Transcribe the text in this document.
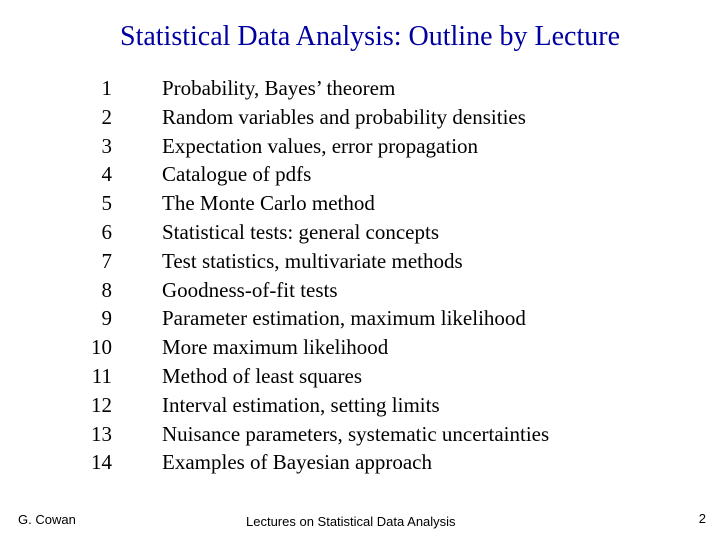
Statistical Data Analysis: Outline by Lecture
1 Probability, Bayes’ theorem
2 Random variables and probability densities
3 Expectation values, error propagation
4 Catalogue of pdfs
5 The Monte Carlo method
6 Statistical tests: general concepts
7 Test statistics, multivariate methods
8 Goodness-of-fit tests
9 Parameter estimation, maximum likelihood
10 More maximum likelihood
11 Method of least squares
12 Interval estimation, setting limits
13 Nuisance parameters, systematic uncertainties
14 Examples of Bayesian approach
G. Cowan	Lectures on Statistical Data Analysis	2
